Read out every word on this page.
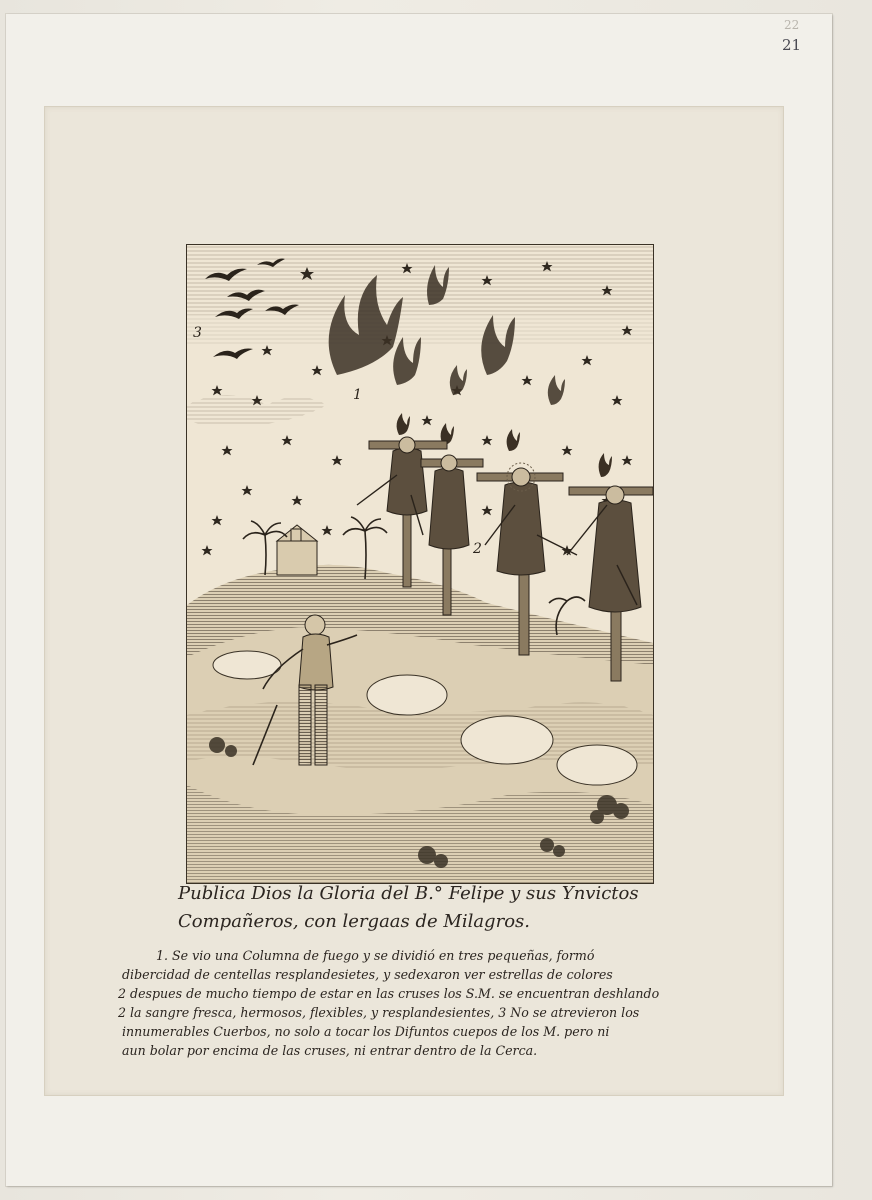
22
21
1
2
3
Publica Dios la Gloria del B.° Felipe y sus Ynvictos
Compañeros, con lergaas de Milagros.
1. Se vio una Columna de fuego y se dividió en tres pequeñas, formó
dibercidad de centellas resplandesietes, y sedexaron ver estrellas de colores
2 despues de mucho tiempo de estar en las cruses los S.M. se encuentran deshlando
2 la sangre fresca, hermosos, flexibles, y resplandesientes, 3 No se atrevieron los
innumerables Cuerbos, no solo a tocar los Difuntos cuepos de los M. pero ni
aun bolar por encima de las cruses, ni entrar dentro de la Cerca.
